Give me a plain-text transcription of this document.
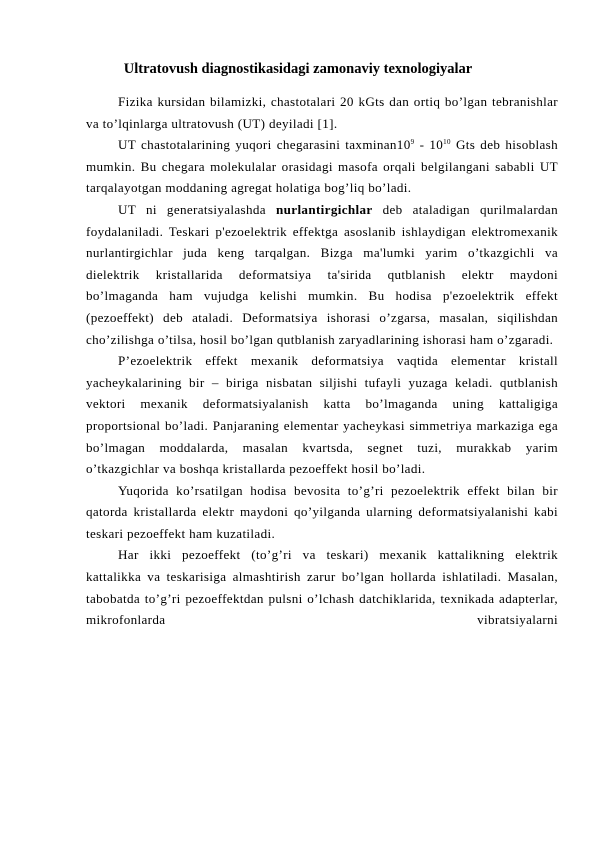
Ultratovush diagnostikasidagi zamonaviy texnologiyalar

Fizika kursidan bilamizki, chastotalari 20 kGts dan ortiq bo’lgan tebranishlar va to’lqinlarga ultratovush (UT) deyiladi [1].

UT chastotalarining yuqori chegarasini $taxminan10^9 - 10^{10}$ Gts deb hisoblash mumkin. Bu chegara molekulalar orasidagi masofa orqali belgilangani sababli UT tarqalayotgan moddaning agregat holatiga bog’liq bo’ladi.

UT ni generatsiyalashda nurlantirgichlar deb ataladigan qurilmalardan foydalaniladi. Teskari p'ezoelektrik effektga asoslanib ishlaydigan elektromexanik nurlantirgichlar juda keng tarqalgan. Bizga ma'lumki yarim o’tkazgichli va dielektrik kristallarida deformatsiya ta'sirida qutblanish elektr maydoni bo’lmaganda ham vujudga kelishi mumkin. Bu hodisa p'ezoelektrik effekt (pezoeffekt) deb ataladi. Deformatsiya ishorasi o’zgarsa, masalan, siqilishdan cho’zilishga o’tilsa, hosil bo’lgan qutblanish zaryadlarining ishorasi ham o’zgaradi.

P’ezoelektrik effekt mexanik deformatsiya vaqtida elementar kristall yacheykalarining bir – biriga nisbatan siljishi tufayli yuzaga keladi. qutblanish vektori mexanik deformatsiyalanish katta bo’lmaganda uning kattaligiga proportsional bo’ladi. Panjaraning elementar yacheykasi simmetriya markaziga ega bo’lmagan moddalarda, masalan kvartsda, segnet tuzi, murakkab yarim o’tkazgichlar va boshqa kristallarda pezoeffekt hosil bo’ladi.

Yuqorida ko’rsatilgan hodisa bevosita to’g’ri pezoelektrik effekt bilan bir qatorda kristallarda elektr maydoni qo’yilganda ularning deformatsiyalanishi kabi teskari pezoeffekt ham kuzatiladi.

Har ikki pezoeffekt (to’g’ri va teskari) mexanik kattalikning elektrik kattalikka va teskarisiga almashtirish zarur bo’lgan hollarda ishlatiladi. Masalan, tabobatda to’g’ri pezoeffektdan pulsni o’lchash datchiklarida, texnikada adapterlar, mikrofonlarda vibratsiyalarni
